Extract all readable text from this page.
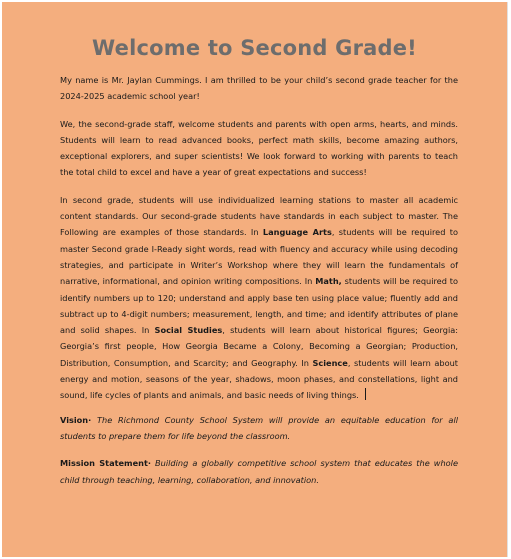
Welcome to Second Grade!

My name is Mr. Jaylan Cummings. I am thrilled to be your child’s second grade teacher for the 2024-2025 academic school year!

We, the second-grade staff, welcome students and parents with open arms, hearts, and minds. Students will learn to read advanced books, perfect math skills, become amazing authors, exceptional explorers, and super scientists! We look forward to working with parents to teach the total child to excel and have a year of great expectations and success!

In second grade, students will use individualized learning stations to master all academic content standards. Our second-grade students have standards in each subject to master. The Following are examples of those standards. In Language Arts, students will be required to master Second grade I-Ready sight words, read with fluency and accuracy while using decoding strategies, and participate in Writer’s Workshop where they will learn the fundamentals of narrative, informational, and opinion writing compositions. In Math, students will be required to identify numbers up to 120; understand and apply base ten using place value; fluently add and subtract up to 4-digit numbers; measurement, length, and time; and identify attributes of plane and solid shapes. In Social Studies, students will learn about historical figures; Georgia: Georgia’s first people, How Georgia Became a Colony, Becoming a Georgian; Production, Distribution, Consumption, and Scarcity; and Geography. In Science, students will learn about energy and motion, seasons of the year, shadows, moon phases, and constellations, light and sound, life cycles of plants and animals, and basic needs of living things.

Vision· The Richmond County School System will provide an equitable education for all students to prepare them for life beyond the classroom.

Mission Statement· Building a globally competitive school system that educates the whole child through teaching, learning, collaboration, and innovation.
